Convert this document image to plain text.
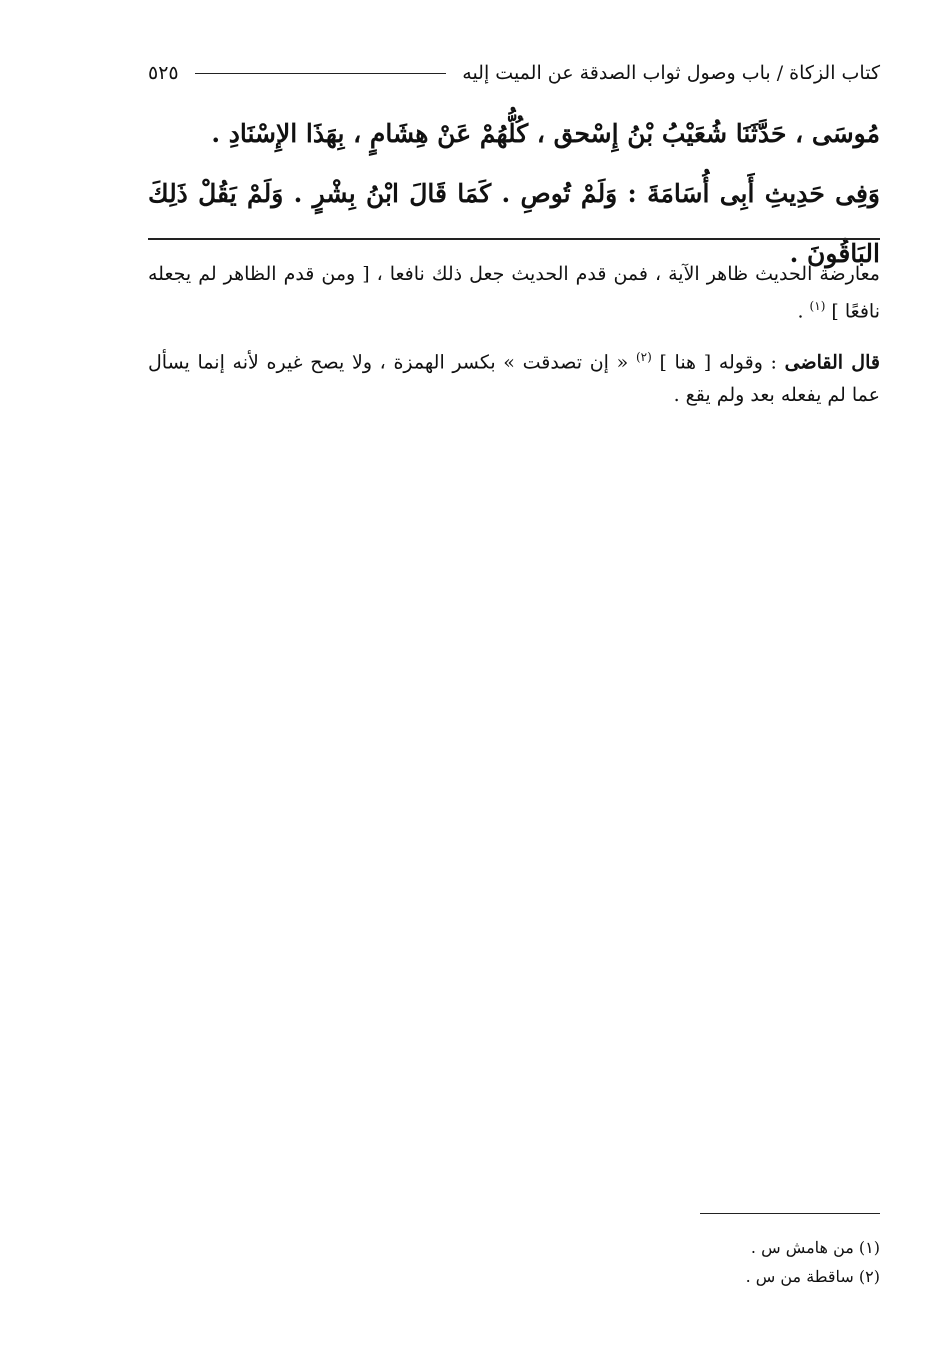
كتاب الزكاة / باب وصول ثواب الصدقة عن الميت إليه
٥٢٥
مُوسَى ، حَدَّثَنَا شُعَيْبُ بْنُ إِسْحق ، كُلُّهُمْ عَنْ هِشَامٍ ، بِهَذَا الإِسْنَادِ .
وَفِى حَدِيثِ أَبِى أُسَامَةَ : وَلَمْ تُوصِ . كَمَا قَالَ ابْنُ بِشْرٍ . وَلَمْ يَقُلْ ذَلِكَ البَاقُونَ .

معارضة الحديث ظاهر الآية ، فمن قدم الحديث جعل ذلك نافعا ، [ ومن قدم الظاهر لم يجعله نافعًا ] $^{(١)}$ .

قال القاضى : وقوله [ هنا ] $^{(٢)}$ « إن تصدقت » بكسر الهمزة ، ولا يصح غيره لأنه إنما يسأل عما لم يفعله بعد ولم يقع .

(١) من هامش س .
(٢) ساقطة من س .
